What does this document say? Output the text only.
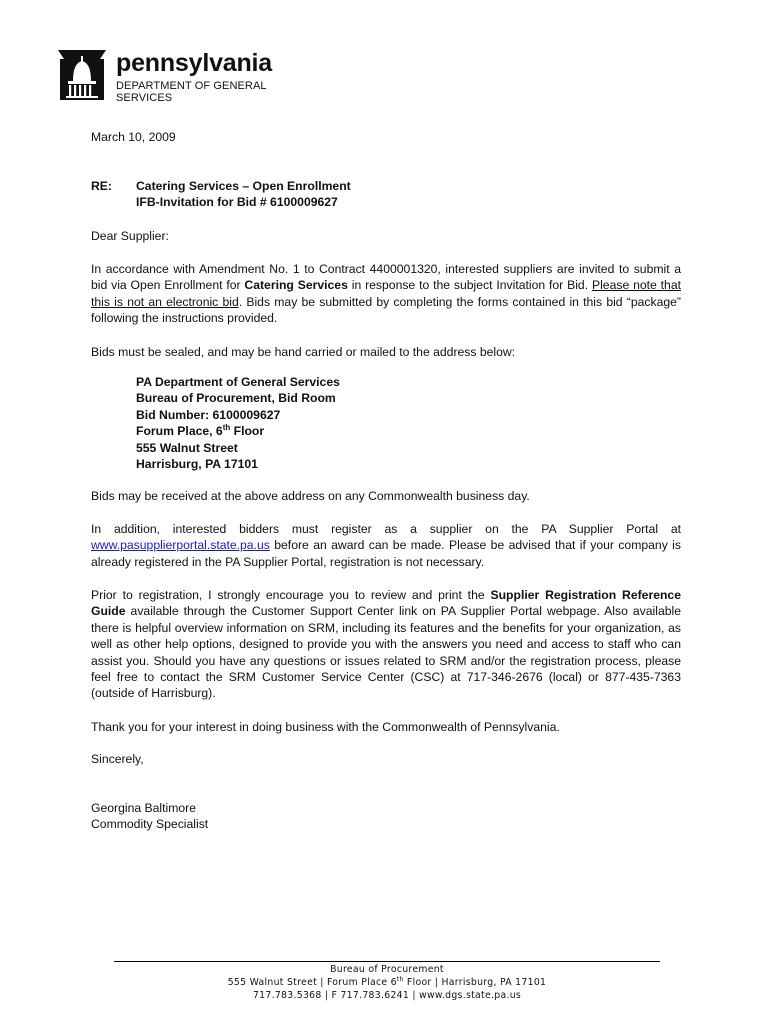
pennsylvania
DEPARTMENT OF GENERAL SERVICES
March 10, 2009
RE: Catering Services – Open Enrollment
IFB-Invitation for Bid # 6100009627
Dear Supplier:
In accordance with Amendment No. 1 to Contract 4400001320, interested suppliers are invited to submit a bid via Open Enrollment for Catering Services in response to the subject Invitation for Bid. Please note that this is not an electronic bid. Bids may be submitted by completing the forms contained in this bid “package” following the instructions provided.
Bids must be sealed, and may be hand carried or mailed to the address below:
PA Department of General Services
Bureau of Procurement, Bid Room
Bid Number: 6100009627
Forum Place, 6th Floor
555 Walnut Street
Harrisburg, PA 17101
Bids may be received at the above address on any Commonwealth business day.
In addition, interested bidders must register as a supplier on the PA Supplier Portal at www.pasupplierportal.state.pa.us before an award can be made. Please be advised that if your company is already registered in the PA Supplier Portal, registration is not necessary.
Prior to registration, I strongly encourage you to review and print the Supplier Registration Reference Guide available through the Customer Support Center link on PA Supplier Portal webpage. Also available there is helpful overview information on SRM, including its features and the benefits for your organization, as well as other help options, designed to provide you with the answers you need and access to staff who can assist you. Should you have any questions or issues related to SRM and/or the registration process, please feel free to contact the SRM Customer Service Center (CSC) at 717-346-2676 (local) or 877-435-7363 (outside of Harrisburg).
Thank you for your interest in doing business with the Commonwealth of Pennsylvania.
Sincerely,
Georgina Baltimore
Commodity Specialist
Bureau of Procurement
555 Walnut Street | Forum Place 6th Floor | Harrisburg, PA 17101
717.783.5368 | F 717.783.6241 | www.dgs.state.pa.us
